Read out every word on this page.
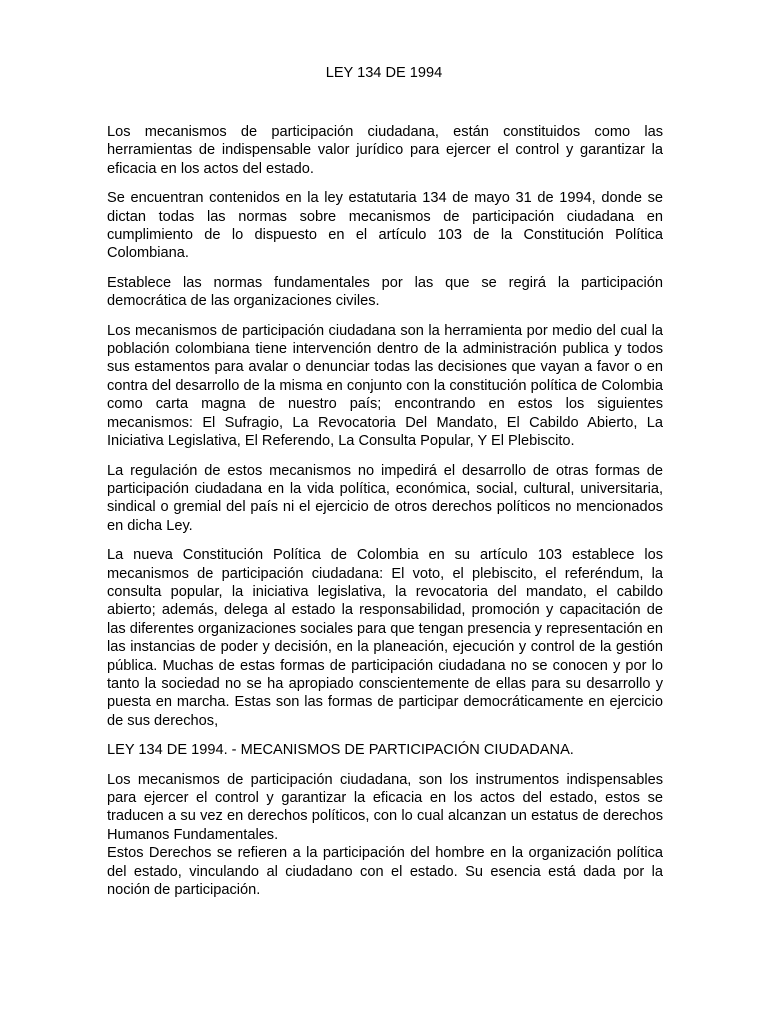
LEY 134 DE 1994

Los mecanismos de participación ciudadana, están constituidos como las herramientas de indispensable valor jurídico para ejercer el control y garantizar la eficacia en los actos del estado.

Se encuentran contenidos en la ley estatutaria 134 de mayo 31 de 1994, donde se dictan todas las normas sobre mecanismos de participación ciudadana en cumplimiento de lo dispuesto en el artículo 103 de la Constitución Política Colombiana.

Establece las normas fundamentales por las que se regirá la participación democrática de las organizaciones civiles.

Los mecanismos de participación ciudadana son la herramienta por medio del cual la población colombiana tiene intervención dentro de la administración publica y todos sus estamentos para avalar o denunciar todas las decisiones que vayan a favor o en contra del desarrollo de la misma en conjunto con la constitución política de Colombia como carta magna de nuestro país; encontrando en estos los siguientes mecanismos: El Sufragio, La Revocatoria Del Mandato, El Cabildo Abierto, La Iniciativa Legislativa, El Referendo, La Consulta Popular, Y El Plebiscito.

La regulación de estos mecanismos no impedirá el desarrollo de otras formas de participación ciudadana en la vida política, económica, social, cultural, universitaria, sindical o gremial del país ni el ejercicio de otros derechos políticos no mencionados en dicha Ley.

La nueva Constitución Política de Colombia en su artículo 103 establece los mecanismos de participación ciudadana: El voto, el plebiscito, el referéndum, la consulta popular, la iniciativa legislativa, la revocatoria del mandato, el cabildo abierto; además, delega al estado la responsabilidad, promoción y capacitación de las diferentes organizaciones sociales para que tengan presencia y representación en las instancias de poder y decisión, en la planeación, ejecución y control de la gestión pública. Muchas de estas formas de participación ciudadana no se conocen y por lo tanto la sociedad no se ha apropiado conscientemente de ellas para su desarrollo y puesta en marcha. Estas son las formas de participar democráticamente en ejercicio de sus derechos,

LEY 134 DE 1994. - MECANISMOS DE PARTICIPACIÓN CIUDADANA.

Los mecanismos de participación ciudadana, son los instrumentos indispensables para ejercer el control y garantizar la eficacia en los actos del estado, estos se traducen a su vez en derechos políticos, con lo cual alcanzan un estatus de derechos Humanos Fundamentales.

Estos Derechos se refieren a la participación del hombre en la organización política del estado, vinculando al ciudadano con el estado. Su esencia está dada por la noción de participación.
